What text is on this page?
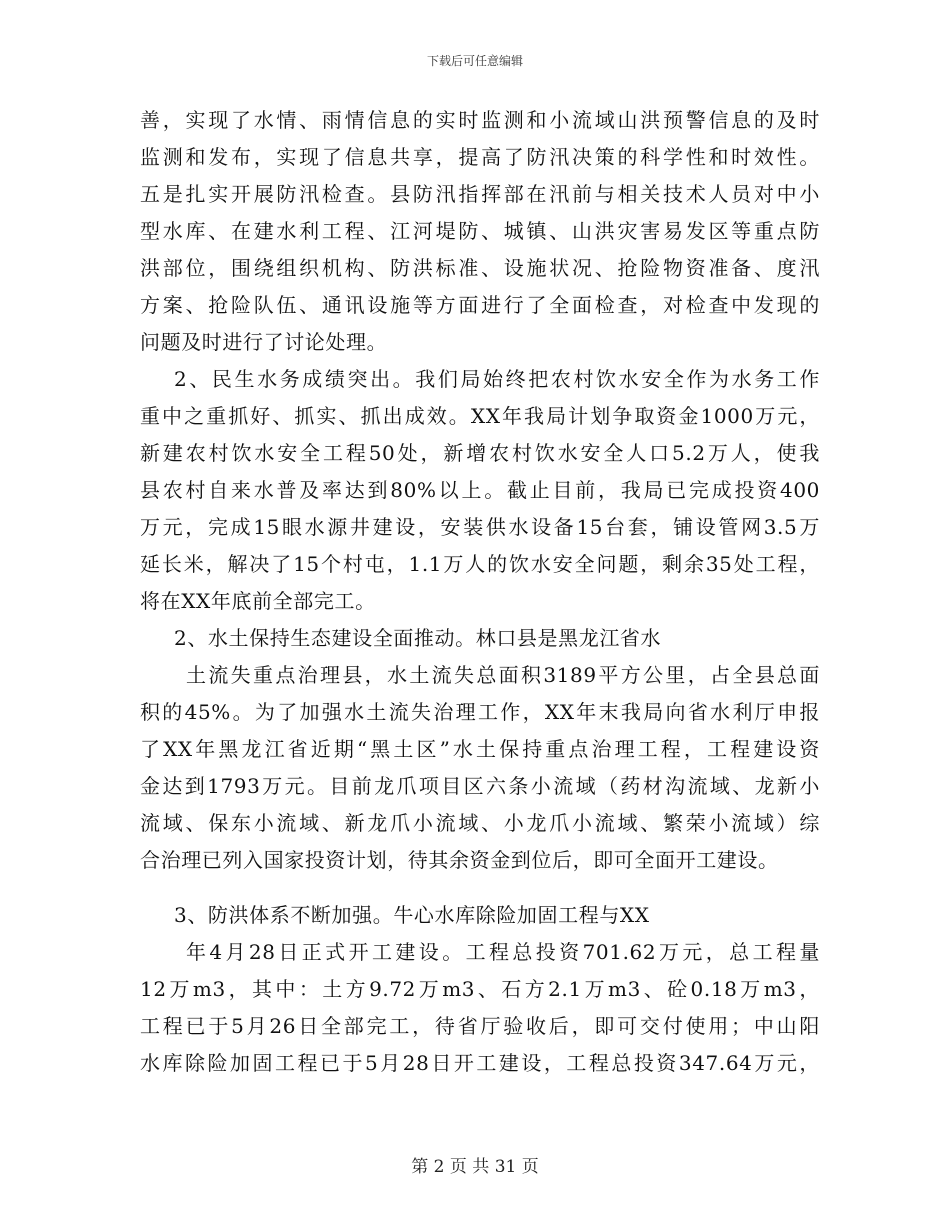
下载后可任意编辑
善，实现了水情、雨情信息的实时监测和小流域山洪预警信息的及时
监测和发布，实现了信息共享，提高了防汛决策的科学性和时效性。
五是扎实开展防汛检查。县防汛指挥部在汛前与相关技术人员对中小
型水库、在建水利工程、江河堤防、城镇、山洪灾害易发区等重点防
洪部位，围绕组织机构、防洪标准、设施状况、抢险物资准备、度汛
方案、抢险队伍、通讯设施等方面进行了全面检查，对检查中发现的
问题及时进行了讨论处理。
2、民生水务成绩突出。我们局始终把农村饮水安全作为水务工作
重中之重抓好、抓实、抓出成效。XX年我局计划争取资金1000万元，
新建农村饮水安全工程50处，新增农村饮水安全人口5.2万人，使我
县农村自来水普及率达到80%以上。截止目前，我局已完成投资400
万元，完成15眼水源井建设，安装供水设备15台套，铺设管网3.5万
延长米，解决了15个村屯，1.1万人的饮水安全问题，剩余35处工程，
将在XX年底前全部完工。
2、水土保持生态建设全面推动。林口县是黑龙江省水
土流失重点治理县，水土流失总面积3189平方公里，占全县总面
积的45%。为了加强水土流失治理工作，XX年末我局向省水利厅申报
了XX年黑龙江省近期“黑土区”水土保持重点治理工程，工程建设资
金达到1793万元。目前龙爪项目区六条小流域（药材沟流域、龙新小
流域、保东小流域、新龙爪小流域、小龙爪小流域、繁荣小流域）综
合治理已列入国家投资计划，待其余资金到位后，即可全面开工建设。
3、防洪体系不断加强。牛心水库除险加固工程与XX
年4月28日正式开工建设。工程总投资701.62万元，总工程量
12万m3，其中：土方9.72万m3、石方2.1万m3、砼0.18万m3，
工程已于5月26日全部完工，待省厅验收后，即可交付使用；中山阳
水库除险加固工程已于5月28日开工建设，工程总投资347.64万元，
第 2 页 共 31 页
